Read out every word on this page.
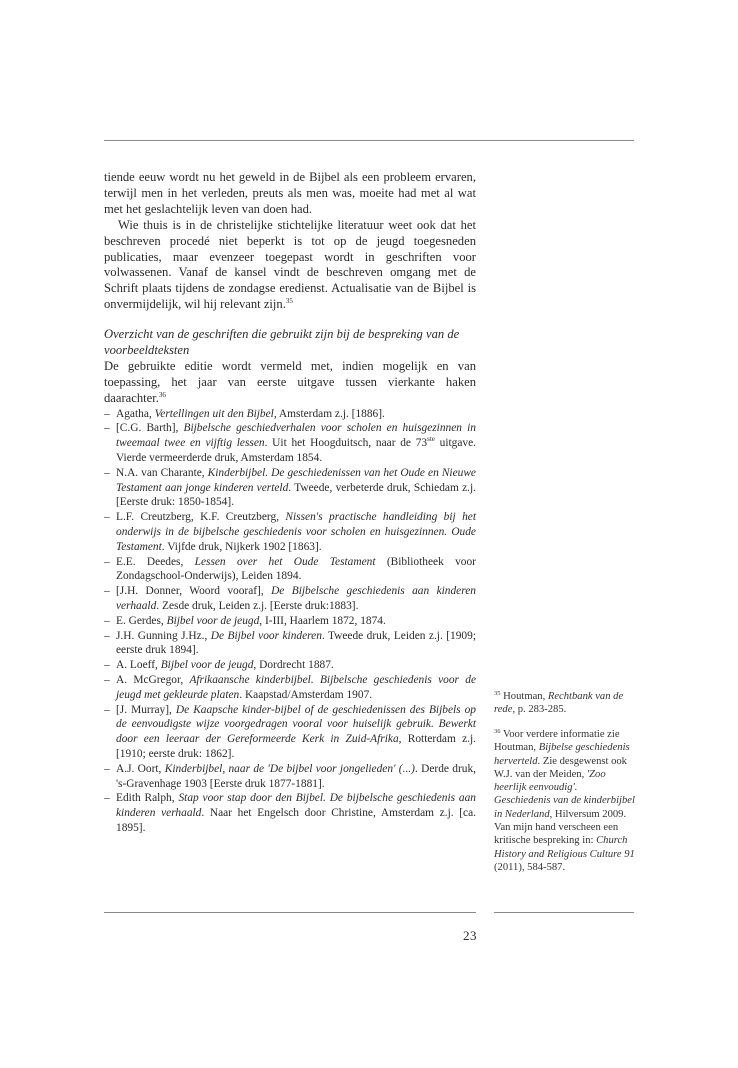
tiende eeuw wordt nu het geweld in de Bijbel als een probleem ervaren, terwijl men in het verleden, preuts als men was, moeite had met al wat met het geslachtelijk leven van doen had.

Wie thuis is in de christelijke stichtelijke literatuur weet ook dat het beschreven procedé niet beperkt is tot op de jeugd toegesneden publicaties, maar evenzeer toegepast wordt in geschriften voor volwassenen. Vanaf de kansel vindt de beschreven omgang met de Schrift plaats tijdens de zondagse eredienst. Actualisatie van de Bijbel is onvermijdelijk, wil hij relevant zijn.$^{35}$

Overzicht van de geschriften die gebruikt zijn bij de bespreking van de voorbeeldteksten

De gebruikte editie wordt vermeld met, indien mogelijk en van toepassing, het jaar van eerste uitgave tussen vierkante haken daarachter.$^{36}$

– Agatha, Vertellingen uit den Bijbel, Amsterdam z.j. [1886].
– [C.G. Barth], Bijbelsche geschiedverhalen voor scholen en huisgezinnen in tweemaal twee en vijftig lessen. Uit het Hoogduitsch, naar de 73ste uitgave. Vierde vermeerderde druk, Amsterdam 1854.
– N.A. van Charante, Kinderbijbel. De geschiedenissen van het Oude en Nieuwe Testament aan jonge kinderen verteld. Tweede, verbeterde druk, Schiedam z.j. [Eerste druk: 1850-1854].
– L.F. Creutzberg, K.F. Creutzberg, Nissen's practische handleiding bij het onderwijs in de bijbelsche geschiedenis voor scholen en huisgezinnen. Oude Testament. Vijfde druk, Nijkerk 1902 [1863].
– E.E. Deedes, Lessen over het Oude Testament (Bibliotheek voor Zondagschool-Onderwijs), Leiden 1894.
– [J.H. Donner, Woord vooraf], De Bijbelsche geschiedenis aan kinderen verhaald. Zesde druk, Leiden z.j. [Eerste druk:1883].
– E. Gerdes, Bijbel voor de jeugd, I-III, Haarlem 1872, 1874.
– J.H. Gunning J.Hz., De Bijbel voor kinderen. Tweede druk, Leiden z.j. [1909; eerste druk 1894].
– A. Loeff, Bijbel voor de jeugd, Dordrecht 1887.
– A. McGregor, Afrikaansche kinderbijbel. Bijbelsche geschiedenis voor de jeugd met gekleurde platen. Kaapstad/Amsterdam 1907.
– [J. Murray], De Kaapsche kinder-bijbel of de geschiedenissen des Bijbels op de eenvoudigste wijze voorgedragen vooral voor huiselijk gebruik. Bewerkt door een leeraar der Gereformeerde Kerk in Zuid-Afrika, Rotterdam z.j. [1910; eerste druk: 1862].
– A.J. Oort, Kinderbijbel, naar de 'De bijbel voor jongelieden' (...). Derde druk, 's-Gravenhage 1903 [Eerste druk 1877-1881].
– Edith Ralph, Stap voor stap door den Bijbel. De bijbelsche geschiedenis aan kinderen verhaald. Naar het Engelsch door Christine, Amsterdam z.j. [ca. 1895].
$^{35}$ Houtman, Rechtbank van de rede, p. 283-285.
$^{36}$ Voor verdere informatie zie Houtman, Bijbelse geschiedenis herverteld. Zie desgewenst ook W.J. van der Meiden, 'Zoo heerlijk eenvoudig'. Geschiedenis van de kinderbijbel in Nederland, Hilversum 2009. Van mijn hand verscheen een kritische bespreking in: Church History and Religious Culture 91 (2011), 584-587.
23
